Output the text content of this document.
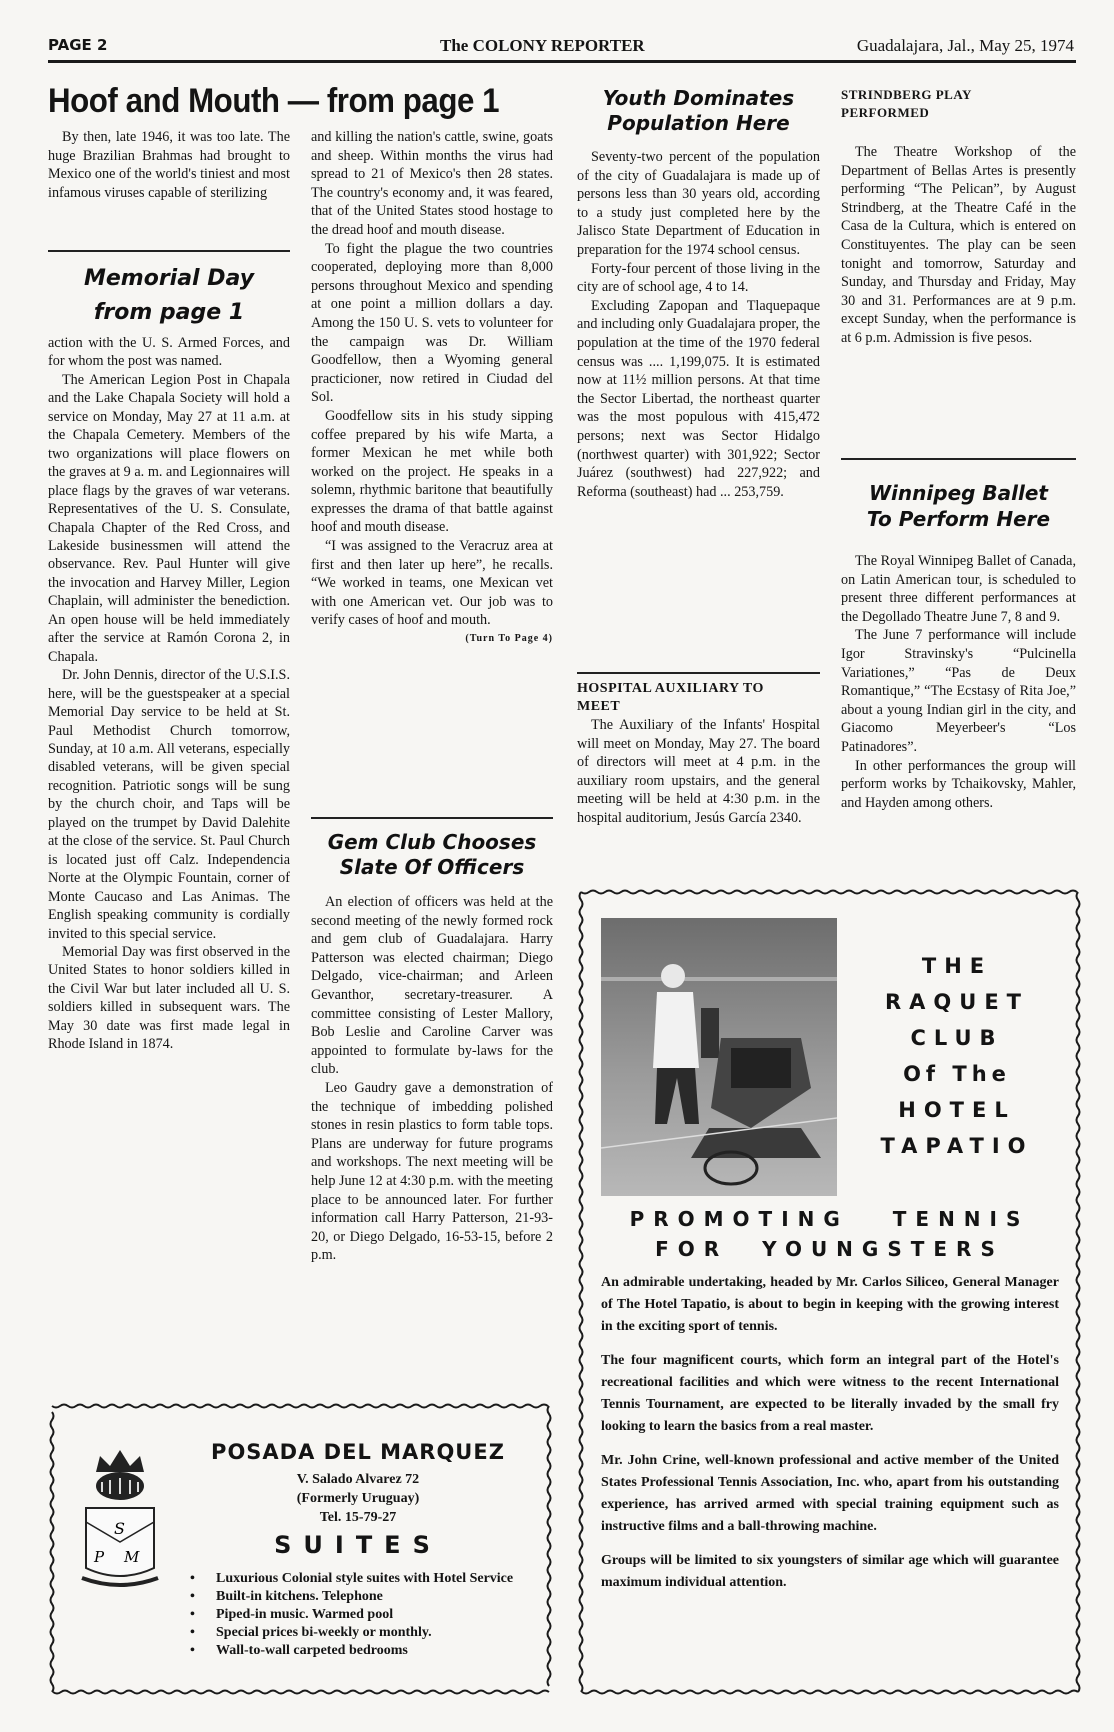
PAGE 2	The COLONY REPORTER	Guadalajara, Jal., May 25, 1974
Hoof and Mouth — from page 1

By then, late 1946, it was too late. The huge Brazilian Brahmas had brought to Mexico one of the world's tiniest and most infamous viruses capable of sterilizing

Memorial Day
from page 1

action with the U. S. Armed Forces, and for whom the post was named.

The American Legion Post in Chapala and the Lake Chapala Society will hold a service on Monday, May 27 at 11 a.m. at the Chapala Cemetery. Members of the two organizations will place flowers on the graves at 9 a. m. and Legionnaires will place flags by the graves of war veterans. Representatives of the U. S. Consulate, Chapala Chapter of the Red Cross, and Lakeside businessmen will attend the observance. Rev. Paul Hunter will give the invocation and Harvey Miller, Legion Chaplain, will administer the benediction. An open house will be held immediately after the service at Ramón Corona 2, in Chapala.

Dr. John Dennis, director of the U.S.I.S. here, will be the guestspeaker at a special Memorial Day service to be held at St. Paul Methodist Church tomorrow, Sunday, at 10 a.m. All veterans, especially disabled veterans, will be given special recognition. Patriotic songs will be sung by the church choir, and Taps will be played on the trumpet by David Dalehite at the close of the service. St. Paul Church is located just off Calz. Independencia Norte at the Olympic Fountain, corner of Monte Caucaso and Las Animas. The English speaking community is cordially invited to this special service.

Memorial Day was first observed in the United States to honor soldiers killed in the Civil War but later included all U. S. soldiers killed in subsequent wars. The May 30 date was first made legal in Rhode Island in 1874.

and killing the nation's cattle, swine, goats and sheep. Within months the virus had spread to 21 of Mexico's then 28 states. The country's economy and, it was feared, that of the United States stood hostage to the dread hoof and mouth disease.

To fight the plague the two countries cooperated, deploying more than 8,000 persons throughout Mexico and spending at one point a million dollars a day. Among the 150 U. S. vets to volunteer for the campaign was Dr. William Goodfellow, then a Wyoming general practicioner, now retired in Ciudad del Sol.

Goodfellow sits in his study sipping coffee prepared by his wife Marta, a former Mexican he met while both worked on the project. He speaks in a solemn, rhythmic baritone that beautifully expresses the drama of that battle against hoof and mouth disease.

“I was assigned to the Veracruz area at first and then later up here”, he recalls. “We worked in teams, one Mexican vet with one American vet. Our job was to verify cases of hoof and mouth.

(Turn To Page 4)
Gem Club Chooses
Slate Of Officers

An election of officers was held at the second meeting of the newly formed rock and gem club of Guadalajara. Harry Patterson was elected chairman; Diego Delgado, vice-chairman; and Arleen Gevanthor, secretary-treasurer. A committee consisting of Lester Mallory, Bob Leslie and Caroline Carver was appointed to formulate by-laws for the club.

Leo Gaudry gave a demonstration of the technique of imbedding polished stones in resin plastics to form table tops. Plans are underway for future programs and workshops. The next meeting will be help June 12 at 4:30 p.m. with the meeting place to be announced later. For further information call Harry Patterson, 21-93-20, or Diego Delgado, 16-53-15, before 2 p.m.

Youth Dominates
Population Here

Seventy-two percent of the population of the city of Guadalajara is made up of persons less than 30 years old, according to a study just completed here by the Jalisco State Department of Education in preparation for the 1974 school census.

Forty-four percent of those living in the city are of school age, 4 to 14.

Excluding Zapopan and Tlaquepaque and including only Guadalajara proper, the population at the time of the 1970 federal census was .... 1,199,075. It is estimated now at 11½ million persons. At that time the Sector Libertad, the northeast quarter was the most populous with 415,472 persons; next was Sector Hidalgo (northwest quarter) with 301,922; Sector Juárez (southwest) had 227,922; and Reforma (southeast) had ... 253,759.

HOSPITAL AUXILIARY TO MEET

The Auxiliary of the Infants' Hospital will meet on Monday, May 27. The board of directors will meet at 4 p.m. in the auxiliary room upstairs, and the general meeting will be held at 4:30 p.m. in the hospital auditorium, Jesús García 2340.

STRINDBERG PLAY PERFORMED

The Theatre Workshop of the Department of Bellas Artes is presently performing “The Pelican”, by August Strindberg, at the Theatre Café in the Casa de la Cultura, which is entered on Constituyentes. The play can be seen tonight and tomorrow, Saturday and Sunday, and Thursday and Friday, May 30 and 31. Performances are at 9 p.m. except Sunday, when the performance is at 6 p.m. Admission is five pesos.

Winnipeg Ballet
To Perform Here

The Royal Winnipeg Ballet of Canada, on Latin American tour, is scheduled to present three different performances at the Degollado Theatre June 7, 8 and 9.

The June 7 performance will include Igor Stravinsky's “Pulcinella Variationes,” “Pas de Deux Romantique,” “The Ecstasy of Rita Joe,” about a young Indian girl in the city, and Giacomo Meyerbeer's “Los Patinadores”.

In other performances the group will perform works by Tchaikovsky, Mahler, and Hayden among others.

S
P M
POSADA DEL MARQUEZ
V. Salado Alvarez 72
(Formerly Uruguay)
Tel. 15-79-27
SUITES
• Luxurious Colonial style suites with Hotel Service
• Built-in kitchens. Telephone
• Piped-in music. Warmed pool
• Special prices bi-weekly or monthly.
• Wall-to-wall carpeted bedrooms
THE
RAQUET
CLUB
Of The
HOTEL
TAPATIO
PROMOTING TENNIS
FOR YOUNGSTERS

An admirable undertaking, headed by Mr. Carlos Siliceo, General Manager of The Hotel Tapatio, is about to begin in keeping with the growing interest in the exciting sport of tennis.

The four magnificent courts, which form an integral part of the Hotel's recreational facilities and which were witness to the recent International Tennis Tournament, are expected to be literally invaded by the small fry looking to learn the basics from a real master.

Mr. John Crine, well-known professional and active member of the United States Professional Tennis Association, Inc. who, apart from his outstanding experience, has arrived armed with special training equipment such as instructive films and a ball-throwing machine.

Groups will be limited to six youngsters of similar age which will guarantee maximum individual attention.
